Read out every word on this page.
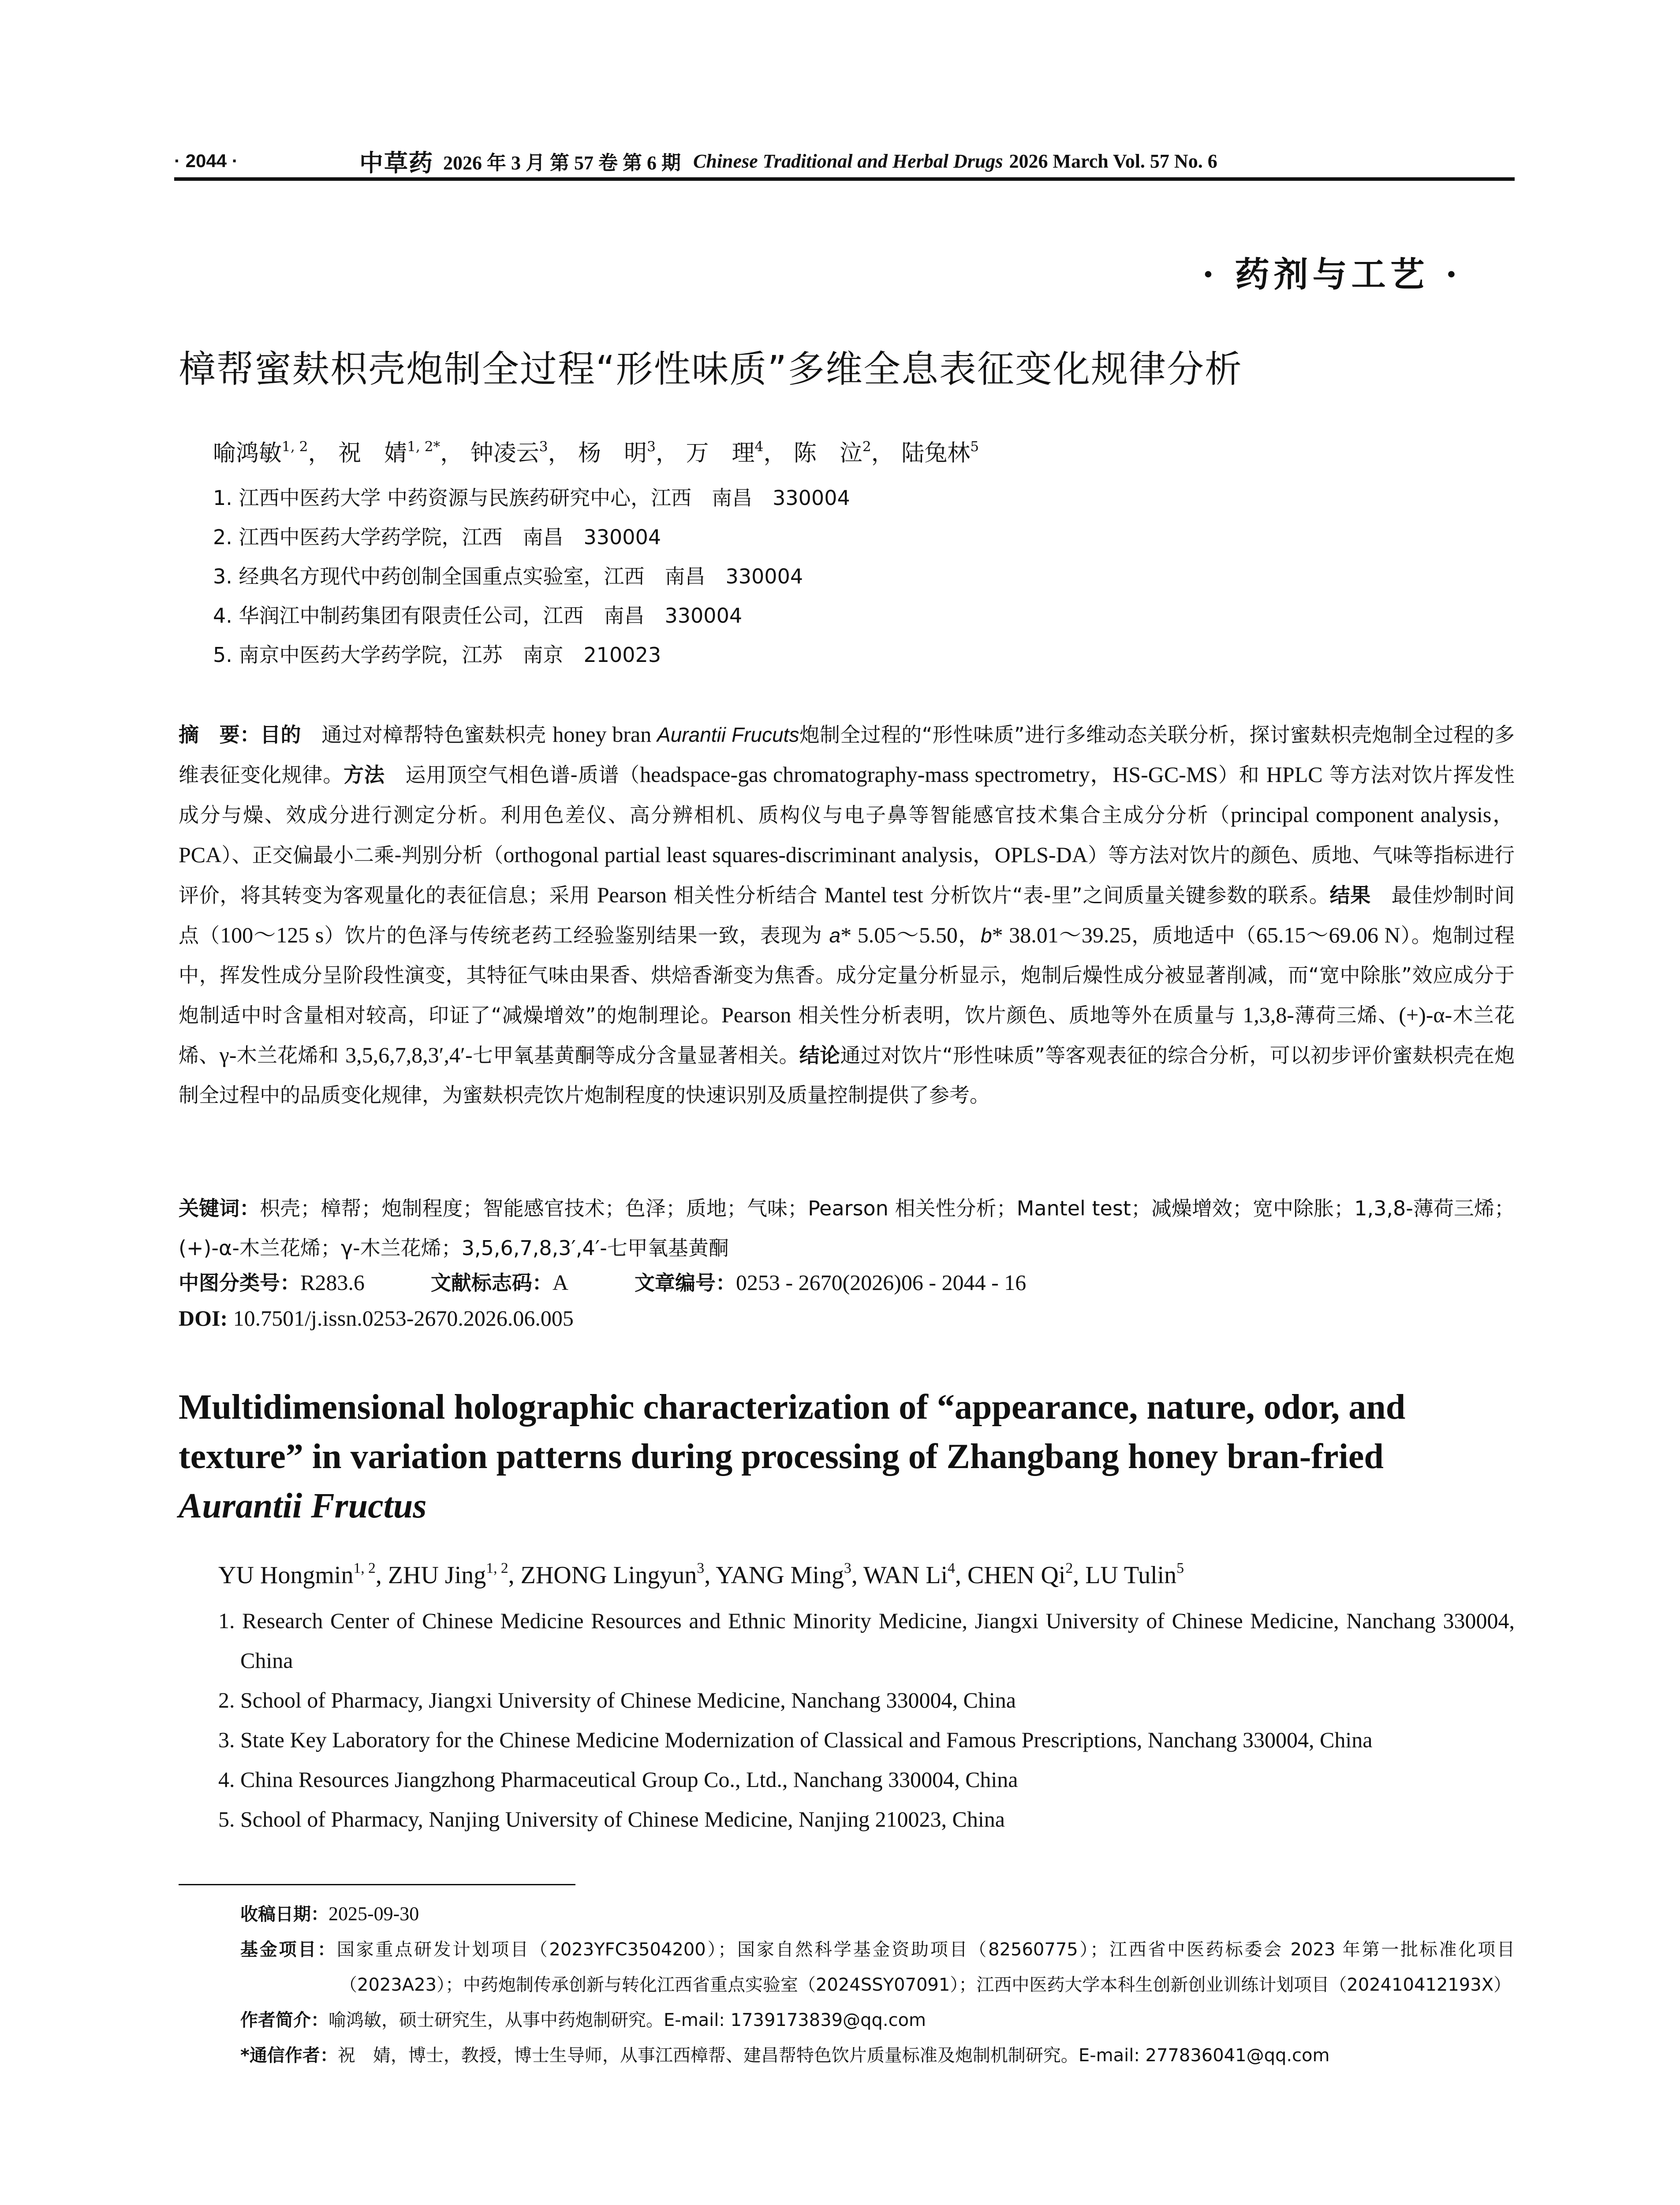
· 2044 ·	中草药 2026 年 3 月 第 57 卷 第 6 期 Chinese Traditional and Herbal Drugs 2026 March Vol. 57 No. 6
· 药剂与工艺 ·
樟帮蜜麸枳壳炮制全过程“形性味质”多维全息表征变化规律分析
喻鸿敏$^{1, 2}$， 祝　婧$^{1, 2*}$， 钟凌云$^3$， 杨　明$^3$， 万　理$^4$， 陈　泣$^2$， 陆兔林$^5$
1. 江西中医药大学 中药资源与民族药研究中心，江西　南昌　330004
2. 江西中医药大学药学院，江西　南昌　330004
3. 经典名方现代中药创制全国重点实验室，江西　南昌　330004
4. 华润江中制药集团有限责任公司，江西　南昌　330004
5. 南京中医药大学药学院，江苏　南京　210023
摘　要：目的　通过对樟帮特色蜜麸枳壳 honey bran Aurantii Frucuts炮制全过程的“形性味质”进行多维动态关联分析，探讨蜜麸枳壳炮制全过程的多维表征变化规律。方法　运用顶空气相色谱-质谱（headspace-gas chromatography-mass spectrometry，HS-GC-MS）和 HPLC 等方法对饮片挥发性成分与燥、效成分进行测定分析。利用色差仪、高分辨相机、质构仪与电子鼻等智能感官技术集合主成分分析（principal component analysis，PCA）、正交偏最小二乘-判别分析（orthogonal partial least squares-discriminant analysis，OPLS-DA）等方法对饮片的颜色、质地、气味等指标进行评价，将其转变为客观量化的表征信息；采用 Pearson 相关性分析结合 Mantel test 分析饮片“表-里”之间质量关键参数的联系。结果　最佳炒制时间点（100～125 s）饮片的色泽与传统老药工经验鉴别结果一致，表现为 a* 5.05～5.50，b* 38.01～39.25，质地适中（65.15～69.06 N）。炮制过程中，挥发性成分呈阶段性演变，其特征气味由果香、烘焙香渐变为焦香。成分定量分析显示，炮制后燥性成分被显著削减，而“宽中除胀”效应成分于炮制适中时含量相对较高，印证了“减燥增效”的炮制理论。Pearson 相关性分析表明，饮片颜色、质地等外在质量与 1,3,8-薄荷三烯、(+)-α-木兰花烯、γ-木兰花烯和 3,5,6,7,8,3′,4′-七甲氧基黄酮等成分含量显著相关。结论通过对饮片“形性味质”等客观表征的综合分析，可以初步评价蜜麸枳壳在炮制全过程中的品质变化规律，为蜜麸枳壳饮片炮制程度的快速识别及质量控制提供了参考。
关键词：枳壳；樟帮；炮制程度；智能感官技术；色泽；质地；气味；Pearson 相关性分析；Mantel test；减燥增效；宽中除胀；1,3,8-薄荷三烯；(+)-α-木兰花烯；γ-木兰花烯；3,5,6,7,8,3′,4′-七甲氧基黄酮
中图分类号：R283.6	文献标志码：A	文章编号：0253 - 2670(2026)06 - 2044 - 16
DOI: 10.7501/j.issn.0253-2670.2026.06.005
Multidimensional holographic characterization of “appearance, nature, odor, and texture” in variation patterns during processing of Zhangbang honey bran-fried Aurantii Fructus
YU Hongmin$^{1, 2}$, ZHU Jing$^{1, 2}$, ZHONG Lingyun$^3$, YANG Ming$^3$, WAN Li$^4$, CHEN Qi$^2$, LU Tulin$^5$
1. Research Center of Chinese Medicine Resources and Ethnic Minority Medicine, Jiangxi University of Chinese Medicine, Nanchang 330004, China
2. School of Pharmacy, Jiangxi University of Chinese Medicine, Nanchang 330004, China
3. State Key Laboratory for the Chinese Medicine Modernization of Classical and Famous Prescriptions, Nanchang 330004, China
4. China Resources Jiangzhong Pharmaceutical Group Co., Ltd., Nanchang 330004, China
5. School of Pharmacy, Nanjing University of Chinese Medicine, Nanjing 210023, China
收稿日期：2025-09-30
基金项目：国家重点研发计划项目（2023YFC3504200）；国家自然科学基金资助项目（82560775）；江西省中医药标委会 2023 年第一批标准化项目（2023A23）；中药炮制传承创新与转化江西省重点实验室（2024SSY07091）；江西中医药大学本科生创新创业训练计划项目（202410412193X）
作者简介：喻鸿敏，硕士研究生，从事中药炮制研究。E-mail: 1739173839@qq.com
*通信作者：祝　婧，博士，教授，博士生导师，从事江西樟帮、建昌帮特色饮片质量标准及炮制机制研究。E-mail: 277836041@qq.com
